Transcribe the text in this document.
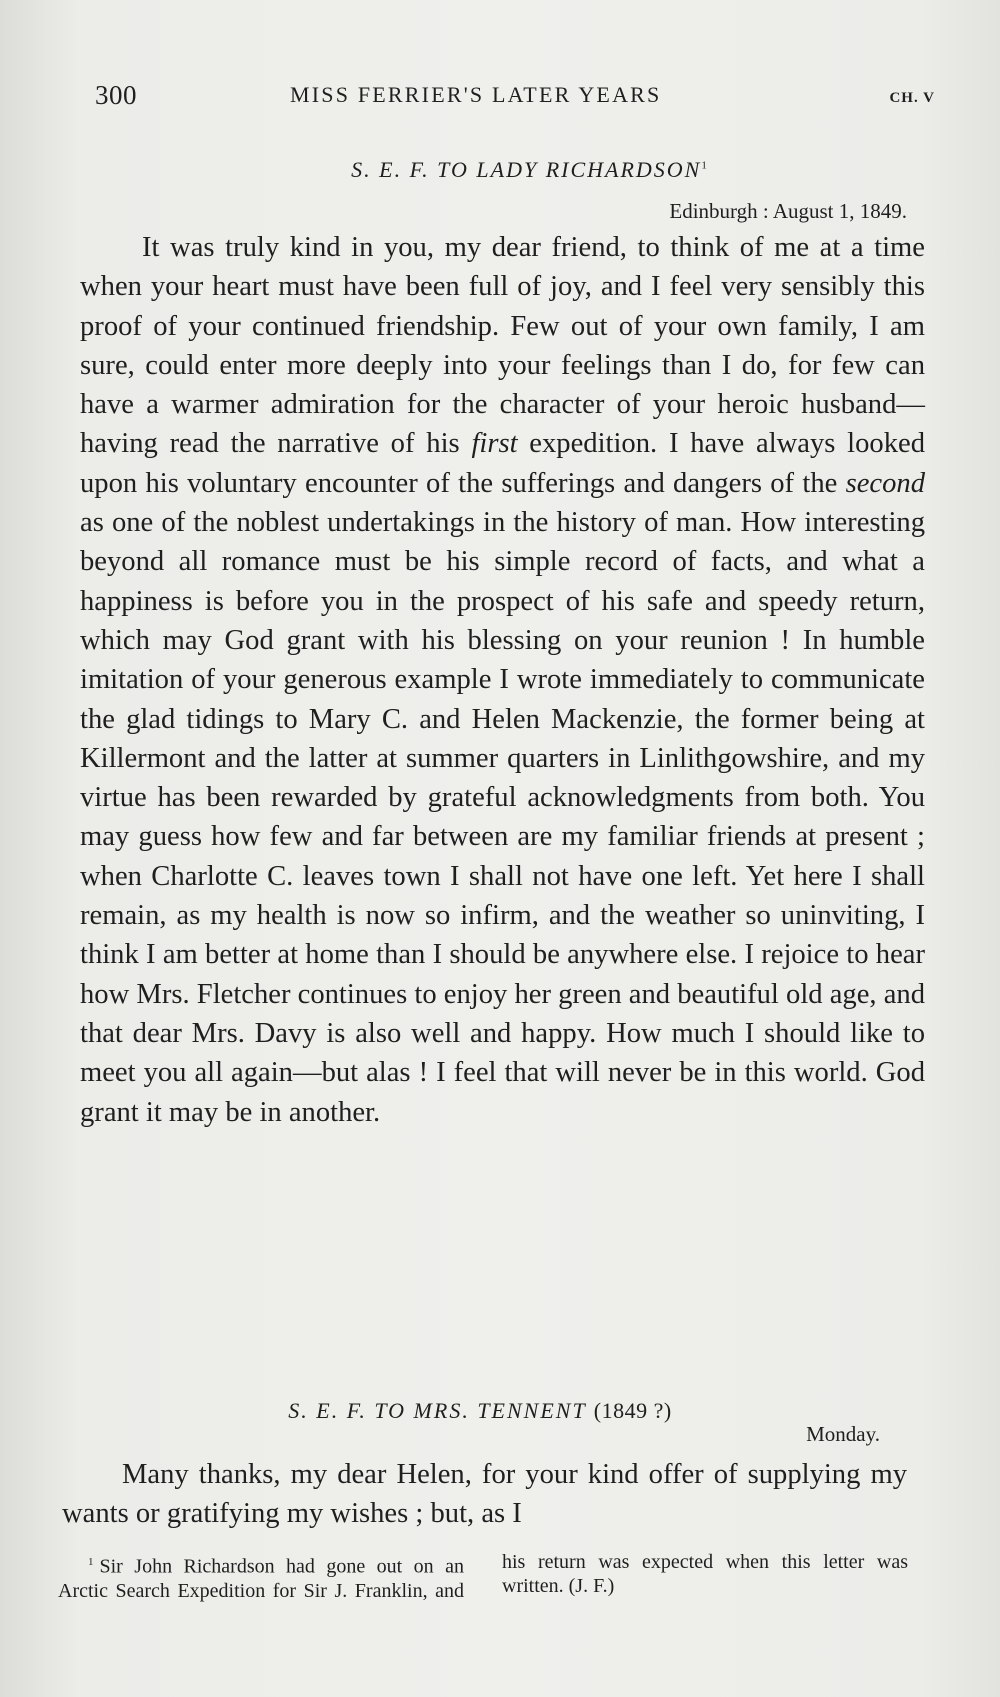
300	MISS FERRIER'S LATER YEARS	CH. V
S. E. F. TO LADY RICHARDSON$^1$
Edinburgh : August 1, 1849.

It was truly kind in you, my dear friend, to think of me at a time when your heart must have been full of joy, and I feel very sensibly this proof of your continued friendship. Few out of your own family, I am sure, could enter more deeply into your feelings than I do, for few can have a warmer admiration for the character of your heroic husband—having read the narrative of his first expedition. I have always looked upon his voluntary encounter of the sufferings and dangers of the second as one of the noblest undertakings in the history of man. How interesting beyond all romance must be his simple record of facts, and what a happiness is before you in the prospect of his safe and speedy return, which may God grant with his blessing on your reunion ! In humble imitation of your generous example I wrote immediately to communicate the glad tidings to Mary C. and Helen Mackenzie, the former being at Killermont and the latter at summer quarters in Linlithgowshire, and my virtue has been rewarded by grateful acknowledgments from both. You may guess how few and far between are my familiar friends at present ; when Charlotte C. leaves town I shall not have one left. Yet here I shall remain, as my health is now so infirm, and the weather so uninviting, I think I am better at home than I should be anywhere else. I rejoice to hear how Mrs. Fletcher continues to enjoy her green and beautiful old age, and that dear Mrs. Davy is also well and happy. How much I should like to meet you all again—but alas ! I feel that will never be in this world. God grant it may be in another.

S. E. F. TO MRS. TENNENT (1849 ?)
Monday.

Many thanks, my dear Helen, for your kind offer of supplying my wants or gratifying my wishes ; but, as I

$^1$ Sir John Richardson had gone out on an Arctic Search Expedition for Sir J. Franklin, and his return was expected when this letter was written. (J. F.)
